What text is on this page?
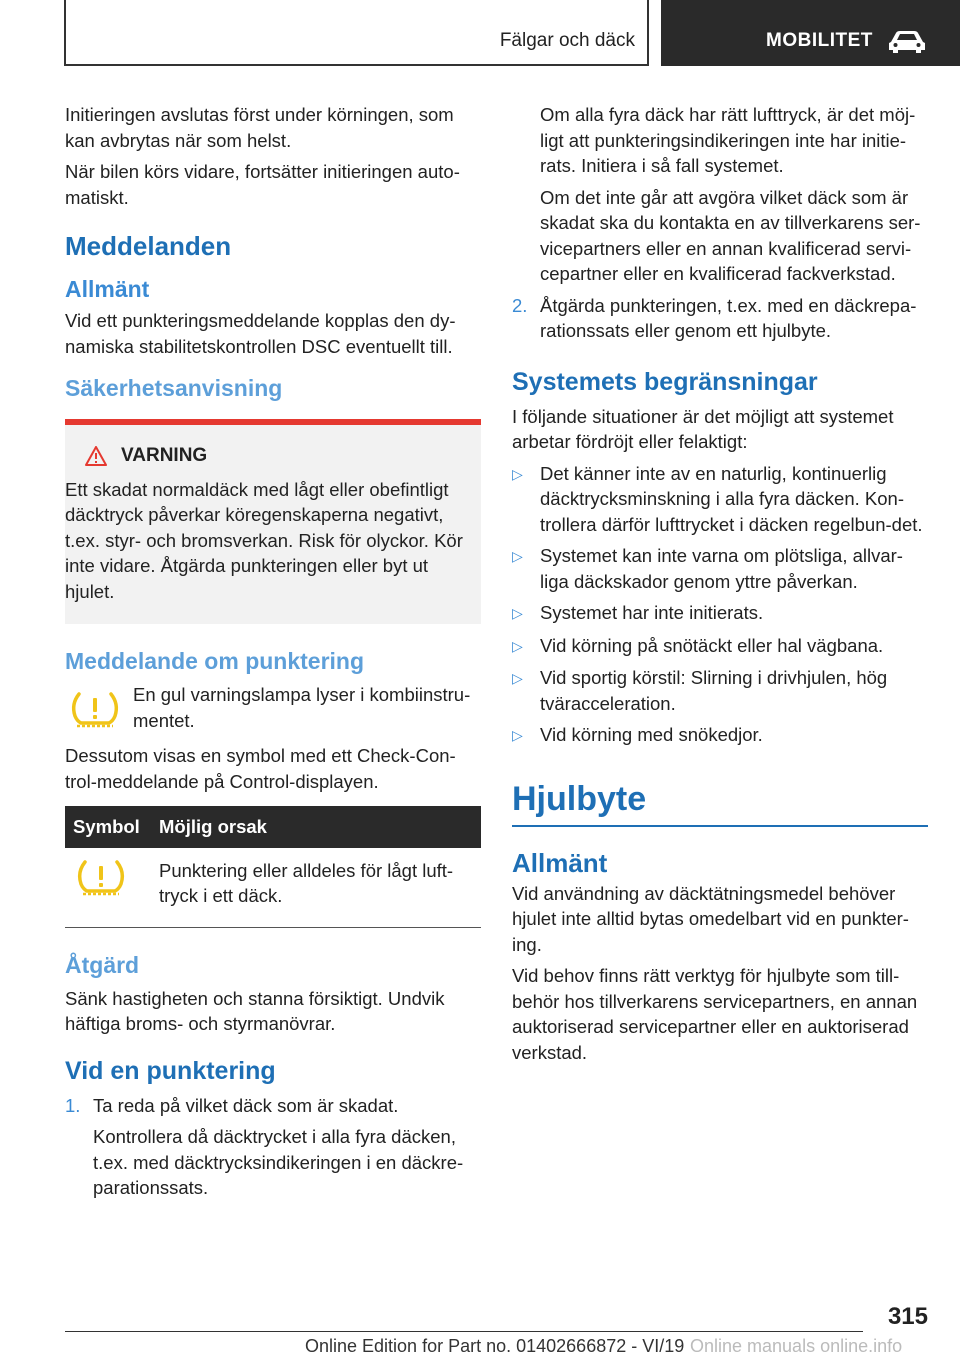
Fälgar och däck	MOBILITET

Initieringen avslutas först under körningen, som kan avbrytas när som helst.

När bilen körs vidare, fortsätter initieringen auto-matiskt.

Meddelanden
Allmänt

Vid ett punkteringsmeddelande kopplas den dy-namiska stabilitetskontrollen DSC eventuellt till.

Säkerhetsanvisning
VARNING
Ett skadat normaldäck med lågt eller obefintligt däcktryck påverkar köregenskaperna negativt, t.ex. styr- och bromsverkan. Risk för olyckor. Kör inte vidare. Åtgärda punkteringen eller byt ut hjulet.
Meddelande om punktering
En gul varningslampa lyser i kombiinstru-mentet.

Dessutom visas en symbol med ett Check-Con-trol-meddelande på Control-displayen.

Symbol	Möjlig orsak
	Punktering eller alldeles för lågt luft-tryck i ett däck.
Åtgärd

Sänk hastigheten och stanna försiktigt. Undvik häftiga broms- och styrmanövrar.

Vid en punktering
1. Ta reda på vilket däck som är skadat.

Kontrollera då däcktrycket i alla fyra däcken, t.ex. med däcktrycksindikeringen i en däckre-parationssats.

Om alla fyra däck har rätt lufttryck, är det möj-ligt att punkteringsindikeringen inte har initie-rats. Initiera i så fall systemet.

Om det inte går att avgöra vilket däck som är skadat ska du kontakta en av tillverkarens ser-vicepartners eller en annan kvalificerad servi-cepartner eller en kvalificerad fackverkstad.

2. Åtgärda punkteringen, t.ex. med en däckrepa-rationssats eller genom ett hjulbyte.
Systemets begränsningar

I följande situationer är det möjligt att systemet arbetar fördröjt eller felaktigt:

▷ Det känner inte av en naturlig, kontinuerlig däcktrycksminskning i alla fyra däcken. Kon-trollera därför lufttrycket i däcken regelbun-det.
▷ Systemet kan inte varna om plötsliga, allvar-liga däckskador genom yttre påverkan.
▷ Systemet har inte initierats.
▷ Vid körning på snötäckt eller hal vägbana.
▷ Vid sportig körstil: Slirning i drivhjulen, hög tväracceleration.
▷ Vid körning med snökedjor.
Hjulbyte
Allmänt

Vid användning av däcktätningsmedel behöver hjulet inte alltid bytas omedelbart vid en punkter-ing.

Vid behov finns rätt verktyg för hjulbyte som till-behör hos tillverkarens servicepartners, en annan auktoriserad servicepartner eller en auktoriserad verkstad.

315
Online Edition for Part no. 01402666872 - VI/19 Online manuals online.info
